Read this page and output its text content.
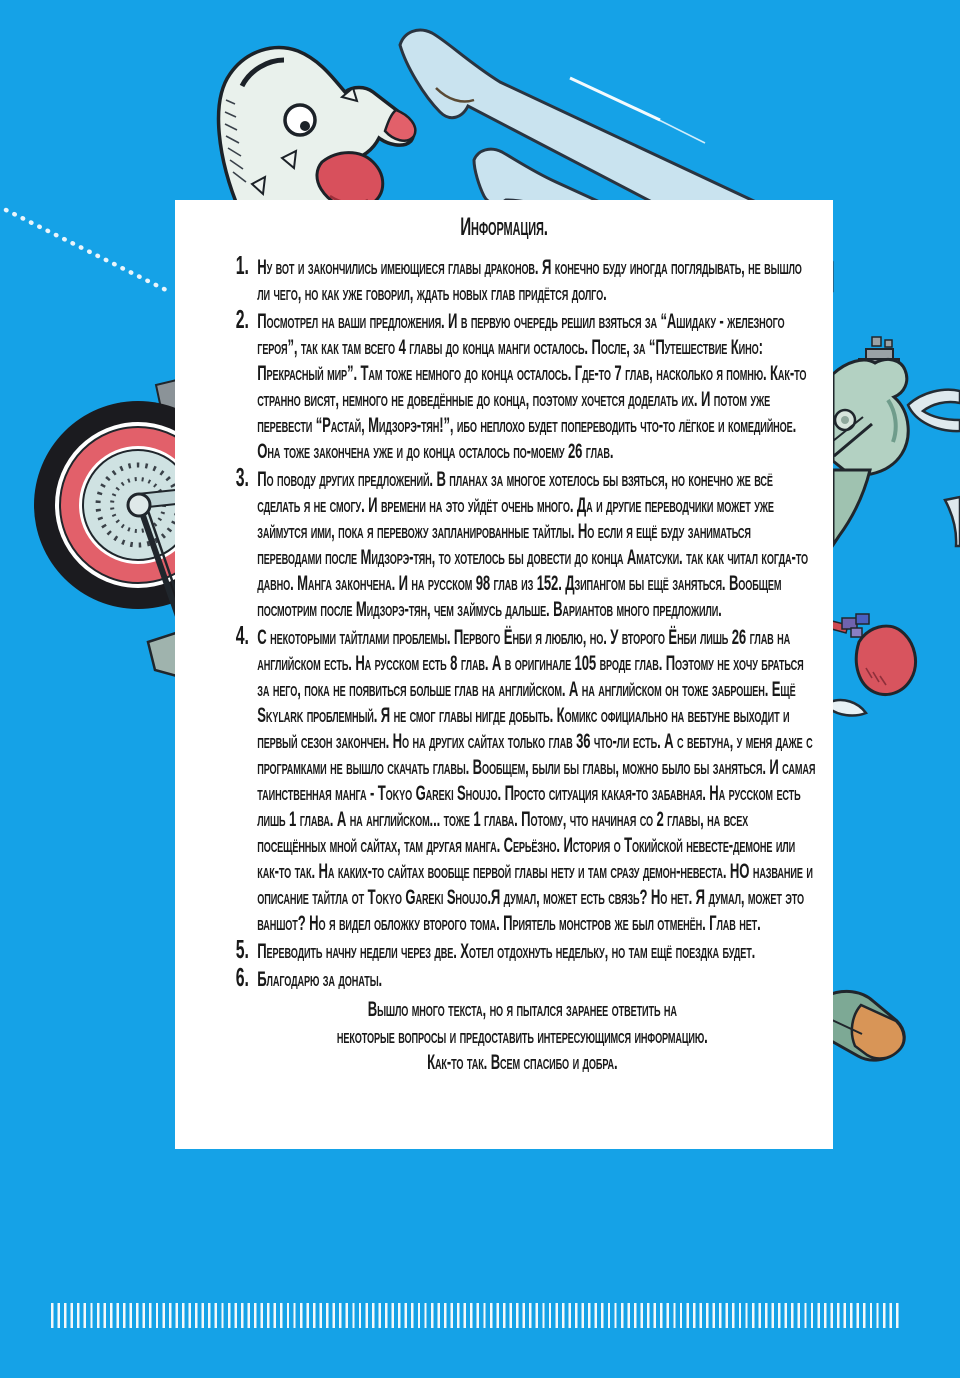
Информация.
1. Ну вот и закончились имеющиеся главы драконов. Я конечно буду иногда поглядывать, не вышло ли чего, но как уже говорил, ждать новых глав придётся долго.
2. Посмотрел на ваши предложения. И в первую очередь решил взяться за “Ашидаку - железного героя”, так как там всего 4 главы до конца манги осталось. После, за “Путешествие Кино: Прекрасный мир”. Там тоже немного до конца осталось. Где-то 7 глав, насколько я помню. Как-то странно висят, немного не доведённые до конца, поэтому хочется доделать их. И потом уже перевести “Растай, Мидзорэ-тян!”, ибо неплохо будет попереводить что-то лёгкое и комедийное. Она тоже закончена уже и до конца осталось по-моему 26 глав.
3. По поводу других предложений. В планах за многое хотелось бы взяться, но конечно же всё сделать я не смогу. И времени на это уйдёт очень много. Да и другие переводчики может уже займутся ими, пока я перевожу запланированные тайтлы. Но если я ещё буду заниматься переводами после Мидзорэ-тян, то хотелось бы довести до конца Аматсуки. так как читал когда-то давно. Манга закончена. И на русском 98 глав из 152. Дзипангом бы ещё заняться. Вообщем посмотрим после Мидзорэ-тян, чем займусь дальше. Вариантов много предложили.
4. С некоторыми тайтлами проблемы. Первого Ёнби я люблю, но. У второго Ёнби лишь 26 глав на английском есть. На русском есть 8 глав. А в оригинале 105 вроде глав. Поэтому не хочу браться за него, пока не появиться больше глав на английском. А на английском он тоже заброшен. Ещё Skylark проблемный. Я не смог главы нигде добыть. Комикс официально на вебтуне выходит и первый сезон закончен. Но на других сайтах только глав 36 что-ли есть. А с вебтуна, у меня даже с програмками не вышло скачать главы. Вообщем, были бы главы, можно было бы заняться. И самая таинственная манга - Tokyo Gareki Shoujo. Просто ситуация какая-то забавная. На русском есть лишь 1 глава. А на английском... тоже 1 глава. Потому, что начиная со 2 главы, на всех посещённых мной сайтах, там другая манга. Серьёзно. История о Токийской невесте-демоне или как-то так. На каких-то сайтах вообще первой главы нету и там сразу демон-невеста. НО название и описание тайтла от Tokyo Gareki Shoujo.Я думал, может есть связь? Но нет. Я думал, может это ваншот? Но я видел обложку второго тома. Приятель монстров же был отменён. Глав нет.
5. Переводить начну недели через две. Хотел отдохнуть недельку, но там ещё поездка будет.
6. Благодарю за донаты.
Вышло много текста, но я пытался заранее ответить на
некоторые вопросы и предоставить интересующимся информацию.
Как-то так. Всем спасибо и добра.
